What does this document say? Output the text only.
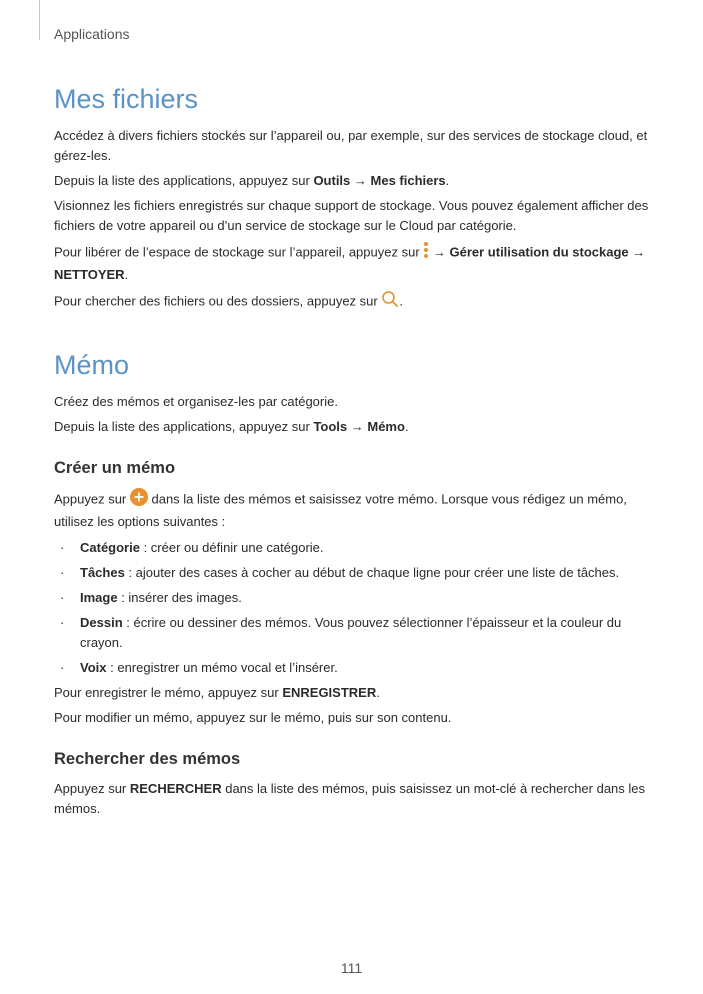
Applications
Mes fichiers

Accédez à divers fichiers stockés sur l’appareil ou, par exemple, sur des services de stockage cloud, et gérez-les.

Depuis la liste des applications, appuyez sur Outils → Mes fichiers.

Visionnez les fichiers enregistrés sur chaque support de stockage. Vous pouvez également afficher des fichiers de votre appareil ou d’un service de stockage sur le Cloud par catégorie.

Pour libérer de l’espace de stockage sur l’appareil, appuyez sur  → Gérer utilisation du stockage → NETTOYER.

Pour chercher des fichiers ou des dossiers, appuyez sur .

Mémo

Créez des mémos et organisez-les par catégorie.

Depuis la liste des applications, appuyez sur Tools → Mémo.

Créer un mémo

Appuyez sur  dans la liste des mémos et saisissez votre mémo. Lorsque vous rédigez un mémo, utilisez les options suivantes :

· Catégorie : créer ou définir une catégorie.
· Tâches : ajouter des cases à cocher au début de chaque ligne pour créer une liste de tâches.
· Image : insérer des images.
· Dessin : écrire ou dessiner des mémos. Vous pouvez sélectionner l’épaisseur et la couleur du crayon.
· Voix : enregistrer un mémo vocal et l’insérer.

Pour enregistrer le mémo, appuyez sur ENREGISTRER.

Pour modifier un mémo, appuyez sur le mémo, puis sur son contenu.

Rechercher des mémos

Appuyez sur RECHERCHER dans la liste des mémos, puis saisissez un mot-clé à rechercher dans les mémos.

111
